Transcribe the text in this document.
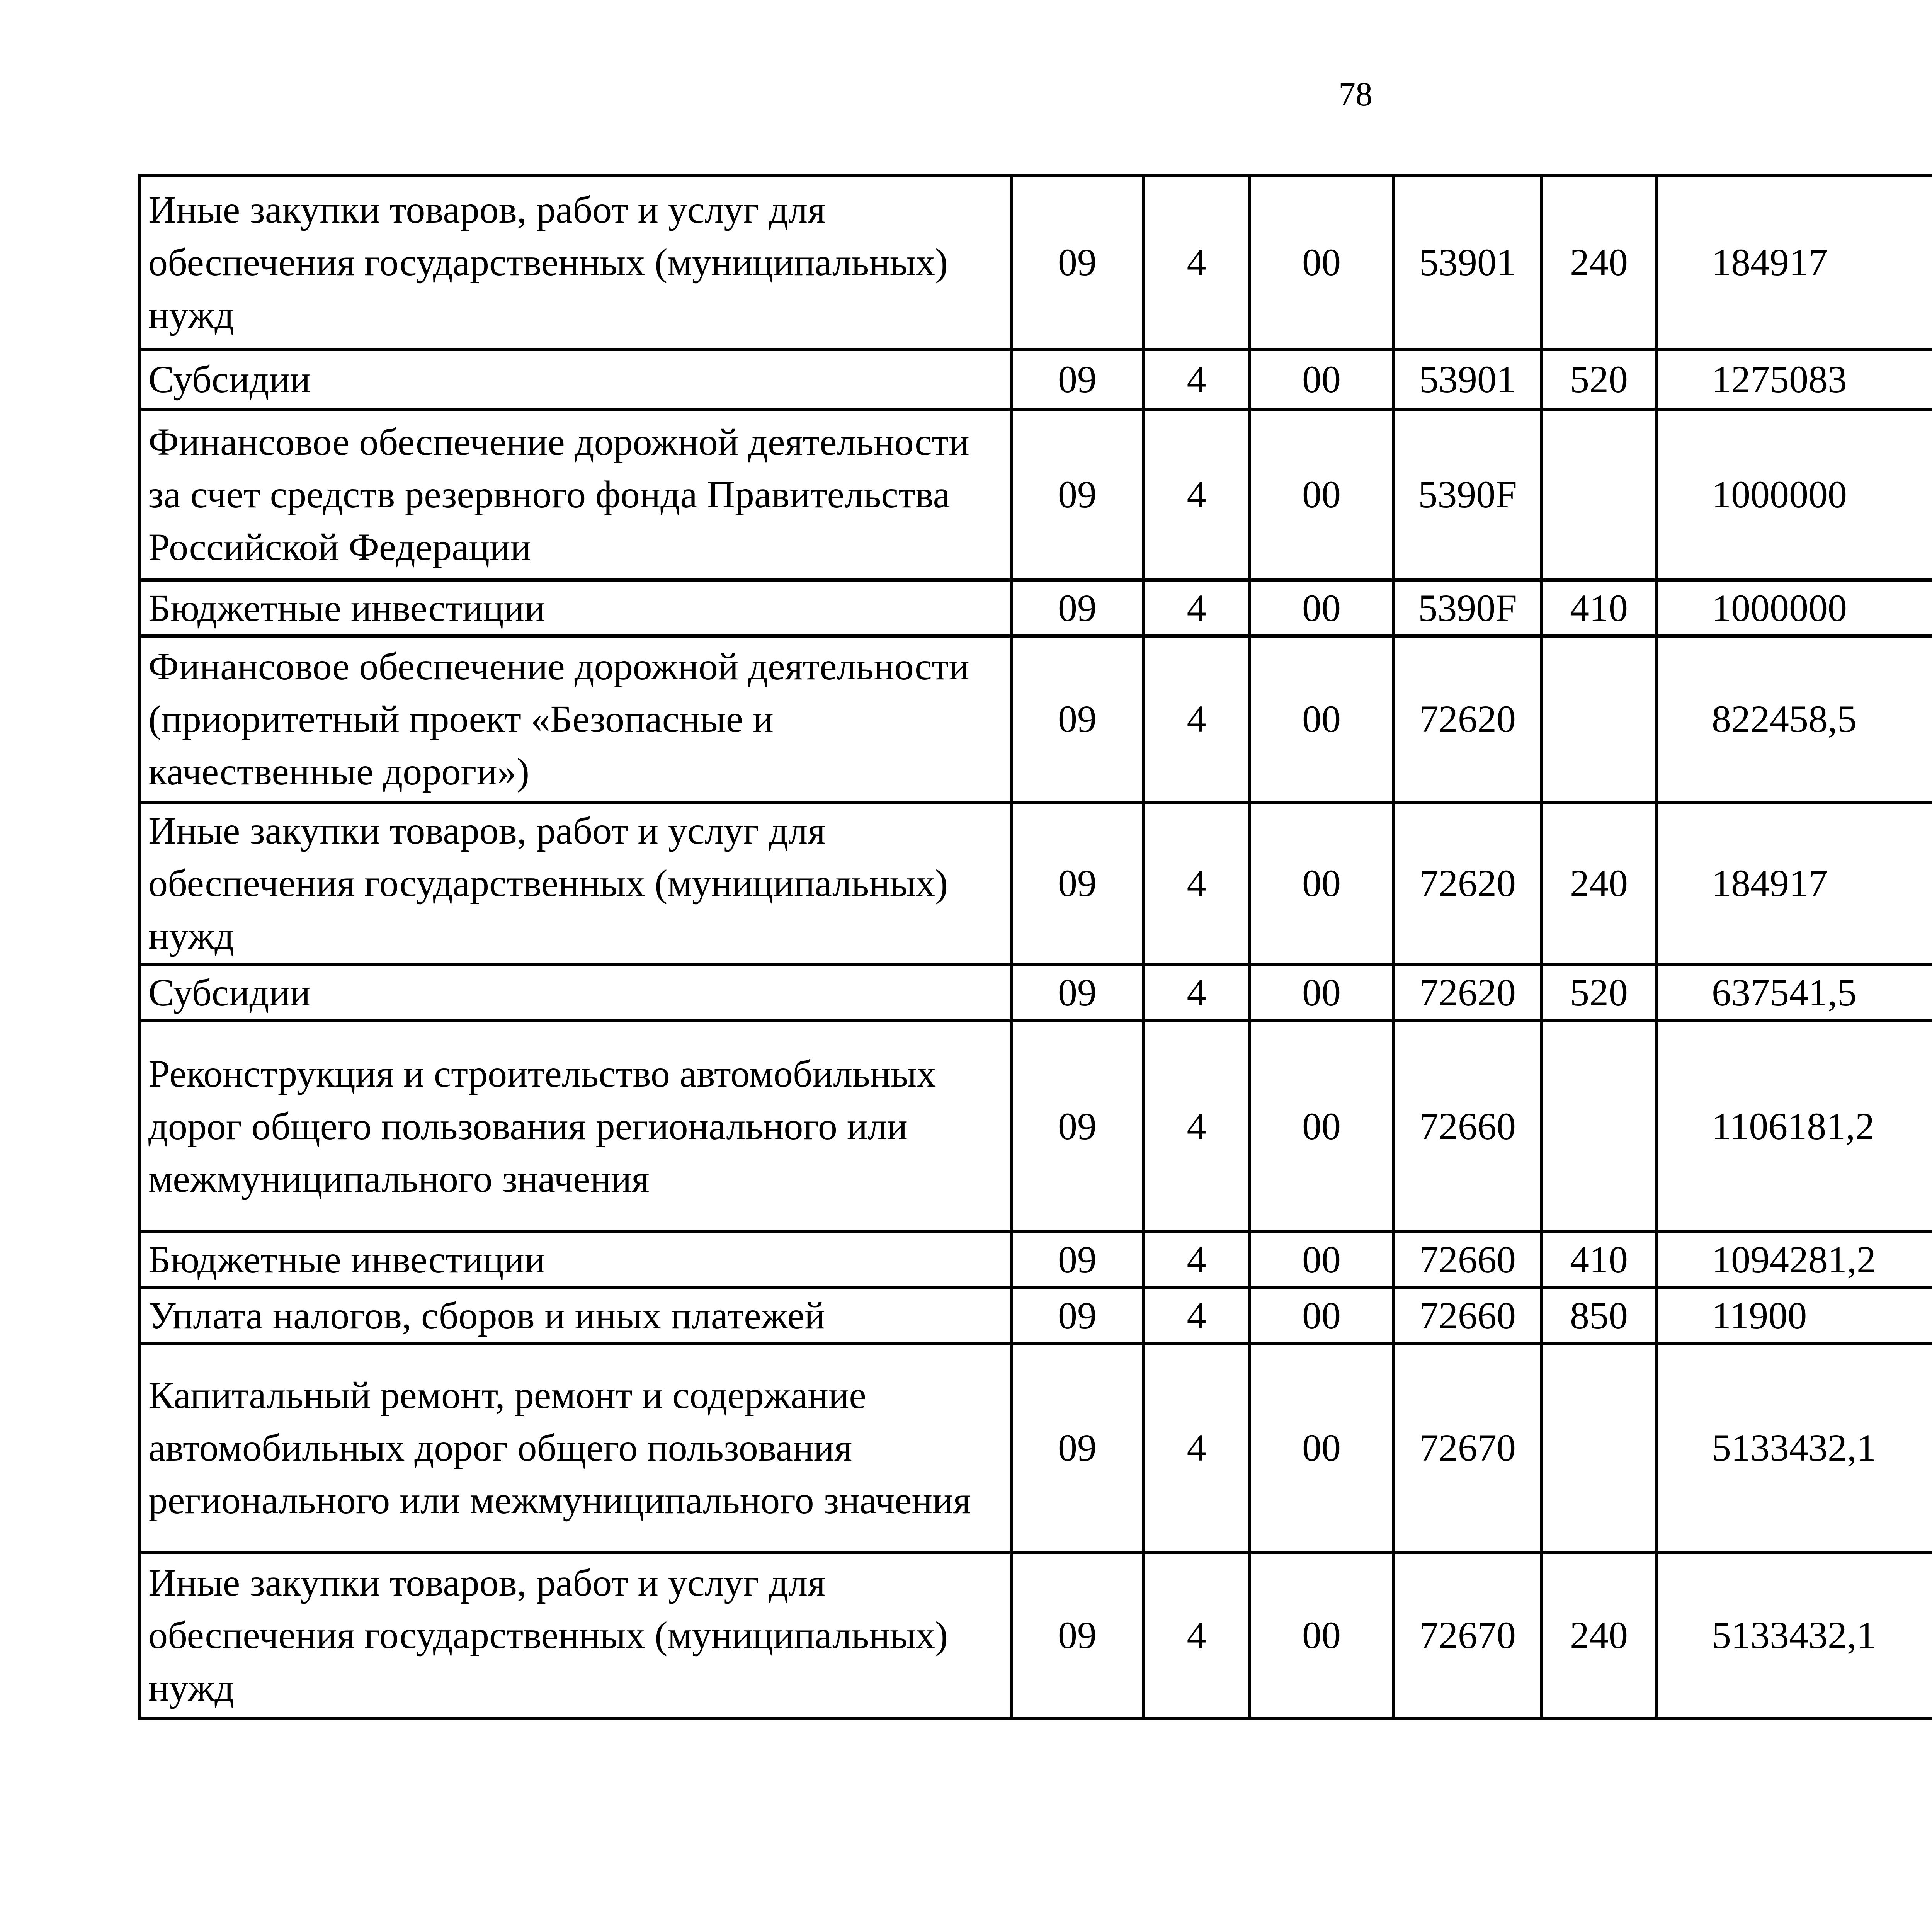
78
Иные закупки товаров, работ и услуг для обеспечения государственных (муниципальных) нужд	09	4	00	53901	240	184917		
Субсидии	09	4	00	53901	520	1275083		
Финансовое обеспечение дорожной деятельности за счет средств резервного фонда Правительства Российской Федерации	09	4	00	5390F		1000000		
Бюджетные инвестиции	09	4	00	5390F	410	1000000		
Финансовое обеспечение дорожной деятельности (приоритетный проект «Безопасные и качественные дороги»)	09	4	00	72620		822458,5		
Иные закупки товаров, работ и услуг для обеспечения государственных (муниципальных) нужд	09	4	00	72620	240	184917		
Субсидии	09	4	00	72620	520	637541,5		
Реконструкция и строительство автомобильных дорог общего пользования регионального или межмуниципального значения	09	4	00	72660		1106181,2		
Бюджетные инвестиции	09	4	00	72660	410	1094281,2		
Уплата налогов, сборов и иных платежей	09	4	00	72660	850	11900		
Капитальный ремонт, ремонт и содержание автомобильных дорог общего пользования регионального или межмуниципального значения	09	4	00	72670		5133432,1		
Иные закупки товаров, работ и услуг для обеспечения государственных (муниципальных) нужд	09	4	00	72670	240	5133432,1		
